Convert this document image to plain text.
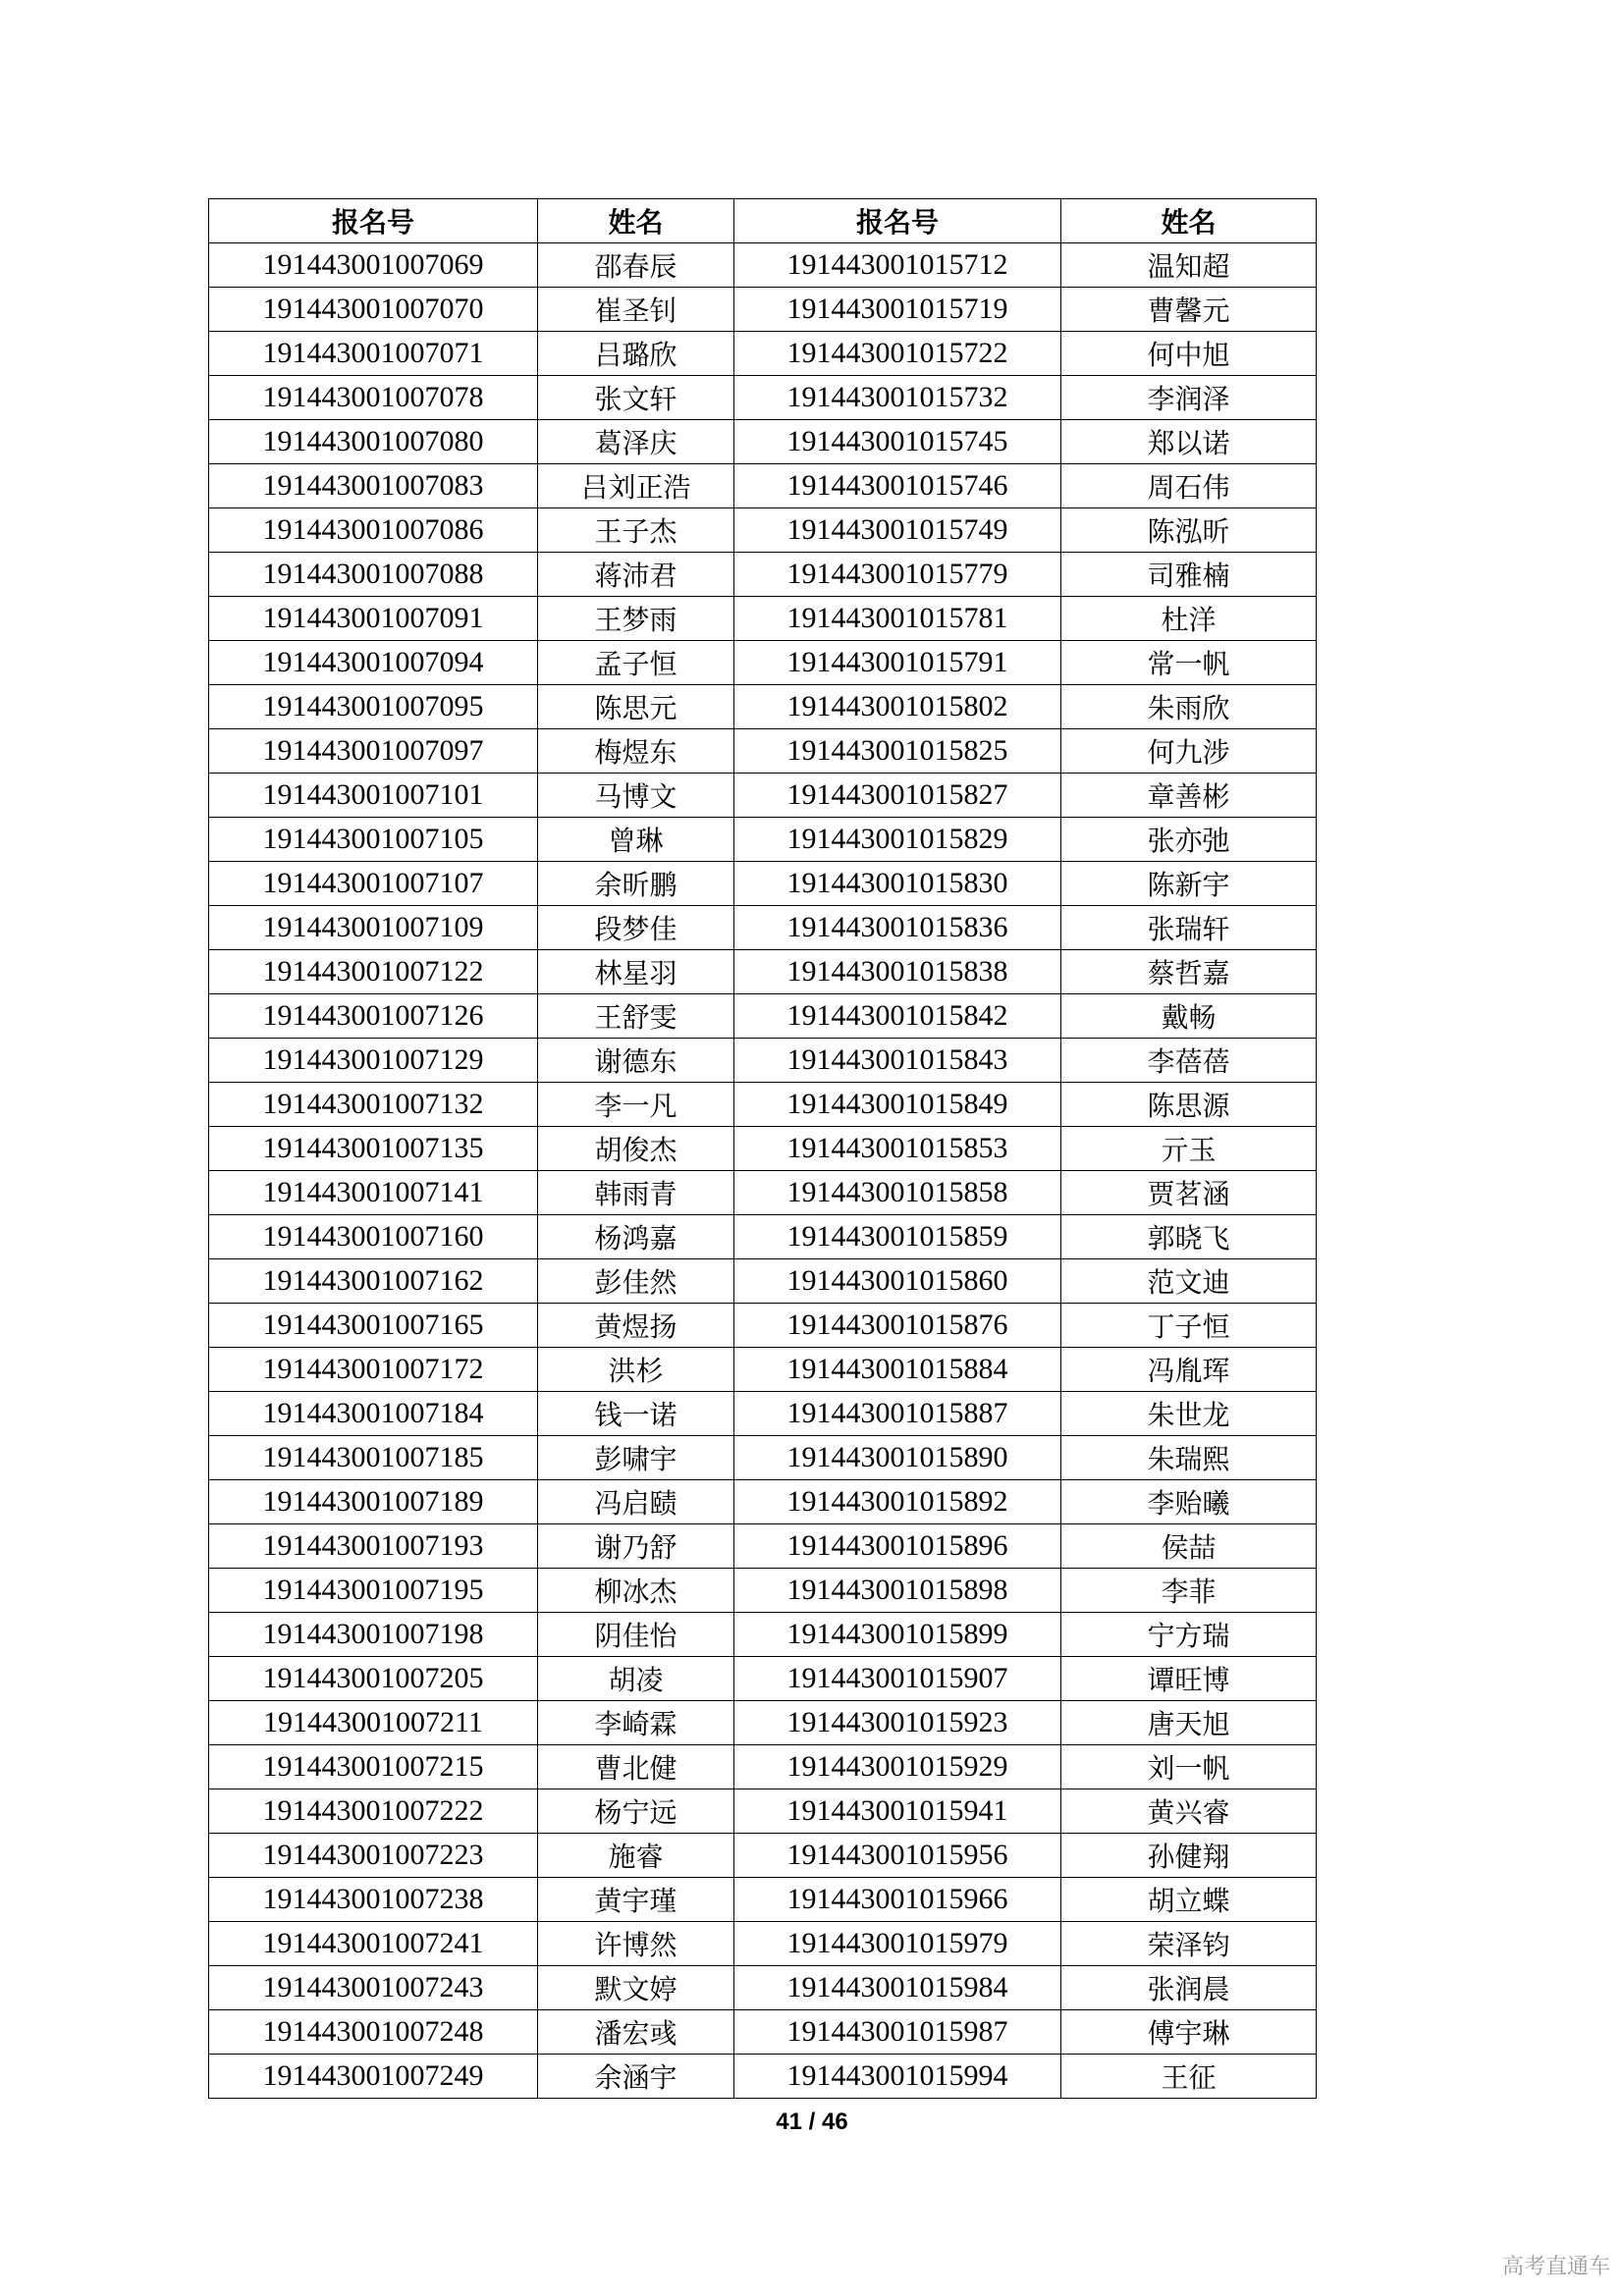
报名号	姓名	报名号	姓名
191443001007069	邵春辰	191443001015712	温知超
191443001007070	崔圣钊	191443001015719	曹馨元
191443001007071	吕璐欣	191443001015722	何中旭
191443001007078	张文轩	191443001015732	李润泽
191443001007080	葛泽庆	191443001015745	郑以诺
191443001007083	吕刘正浩	191443001015746	周石伟
191443001007086	王子杰	191443001015749	陈泓昕
191443001007088	蒋沛君	191443001015779	司雅楠
191443001007091	王梦雨	191443001015781	杜洋
191443001007094	孟子恒	191443001015791	常一帆
191443001007095	陈思元	191443001015802	朱雨欣
191443001007097	梅煜东	191443001015825	何九涉
191443001007101	马博文	191443001015827	章善彬
191443001007105	曾琳	191443001015829	张亦弛
191443001007107	余昕鹏	191443001015830	陈新宇
191443001007109	段梦佳	191443001015836	张瑞轩
191443001007122	林星羽	191443001015838	蔡哲嘉
191443001007126	王舒雯	191443001015842	戴畅
191443001007129	谢德东	191443001015843	李蓓蓓
191443001007132	李一凡	191443001015849	陈思源
191443001007135	胡俊杰	191443001015853	亓玉
191443001007141	韩雨青	191443001015858	贾茗涵
191443001007160	杨鸿嘉	191443001015859	郭晓飞
191443001007162	彭佳然	191443001015860	范文迪
191443001007165	黄煜扬	191443001015876	丁子恒
191443001007172	洪杉	191443001015884	冯胤珲
191443001007184	钱一诺	191443001015887	朱世龙
191443001007185	彭啸宇	191443001015890	朱瑞熙
191443001007189	冯启赜	191443001015892	李贻曦
191443001007193	谢乃舒	191443001015896	侯喆
191443001007195	柳冰杰	191443001015898	李菲
191443001007198	阴佳怡	191443001015899	宁方瑞
191443001007205	胡凌	191443001015907	谭旺博
191443001007211	李崎霖	191443001015923	唐天旭
191443001007215	曹北健	191443001015929	刘一帆
191443001007222	杨宁远	191443001015941	黄兴睿
191443001007223	施睿	191443001015956	孙健翔
191443001007238	黄宇瑾	191443001015966	胡立蝶
191443001007241	许博然	191443001015979	荣泽钧
191443001007243	默文婷	191443001015984	张润晨
191443001007248	潘宏彧	191443001015987	傅宇琳
191443001007249	余涵宇	191443001015994	王征
41 / 46
高考直通车
